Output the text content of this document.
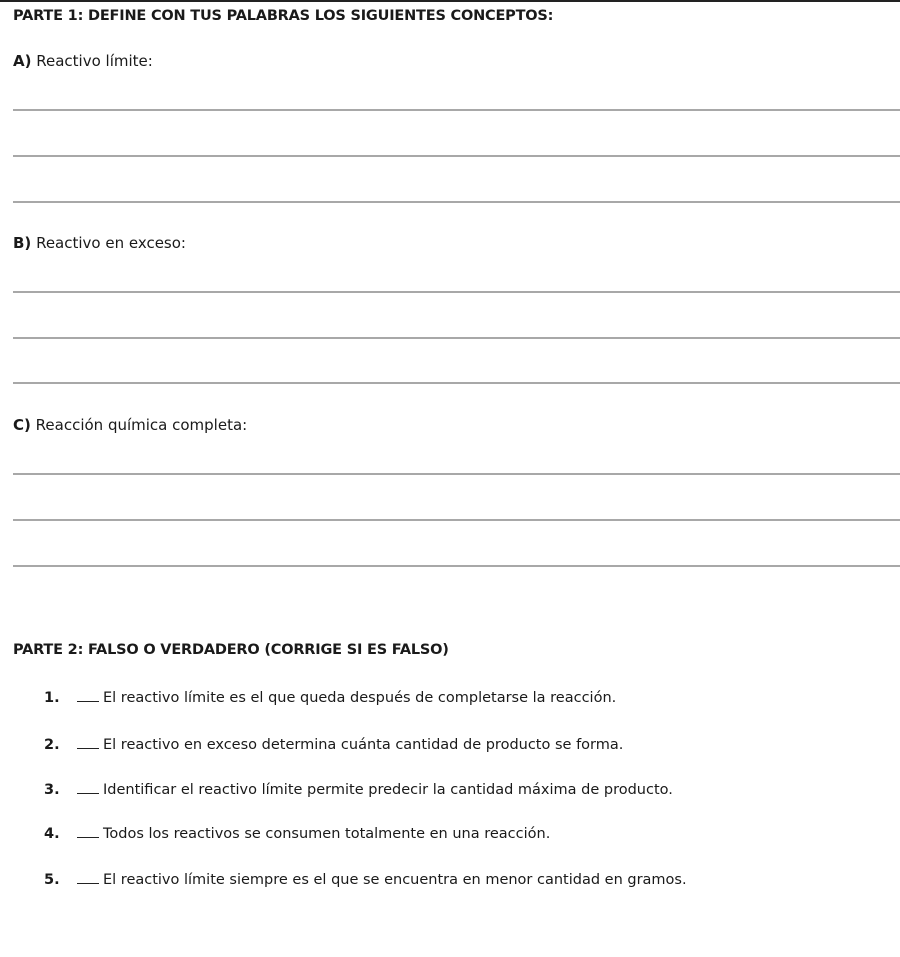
PARTE 1: DEFINE CON TUS PALABRAS LOS SIGUIENTES CONCEPTOS:
A) Reactivo límite:
B) Reactivo en exceso:
C) Reacción química completa:
PARTE 2: FALSO O VERDADERO (CORRIGE SI ES FALSO)
1.	El reactivo límite es el que queda después de completarse la reacción.
2.	El reactivo en exceso determina cuánta cantidad de producto se forma.
3.	Identificar el reactivo límite permite predecir la cantidad máxima de producto.
4.	Todos los reactivos se consumen totalmente en una reacción.
5.	El reactivo límite siempre es el que se encuentra en menor cantidad en gramos.
